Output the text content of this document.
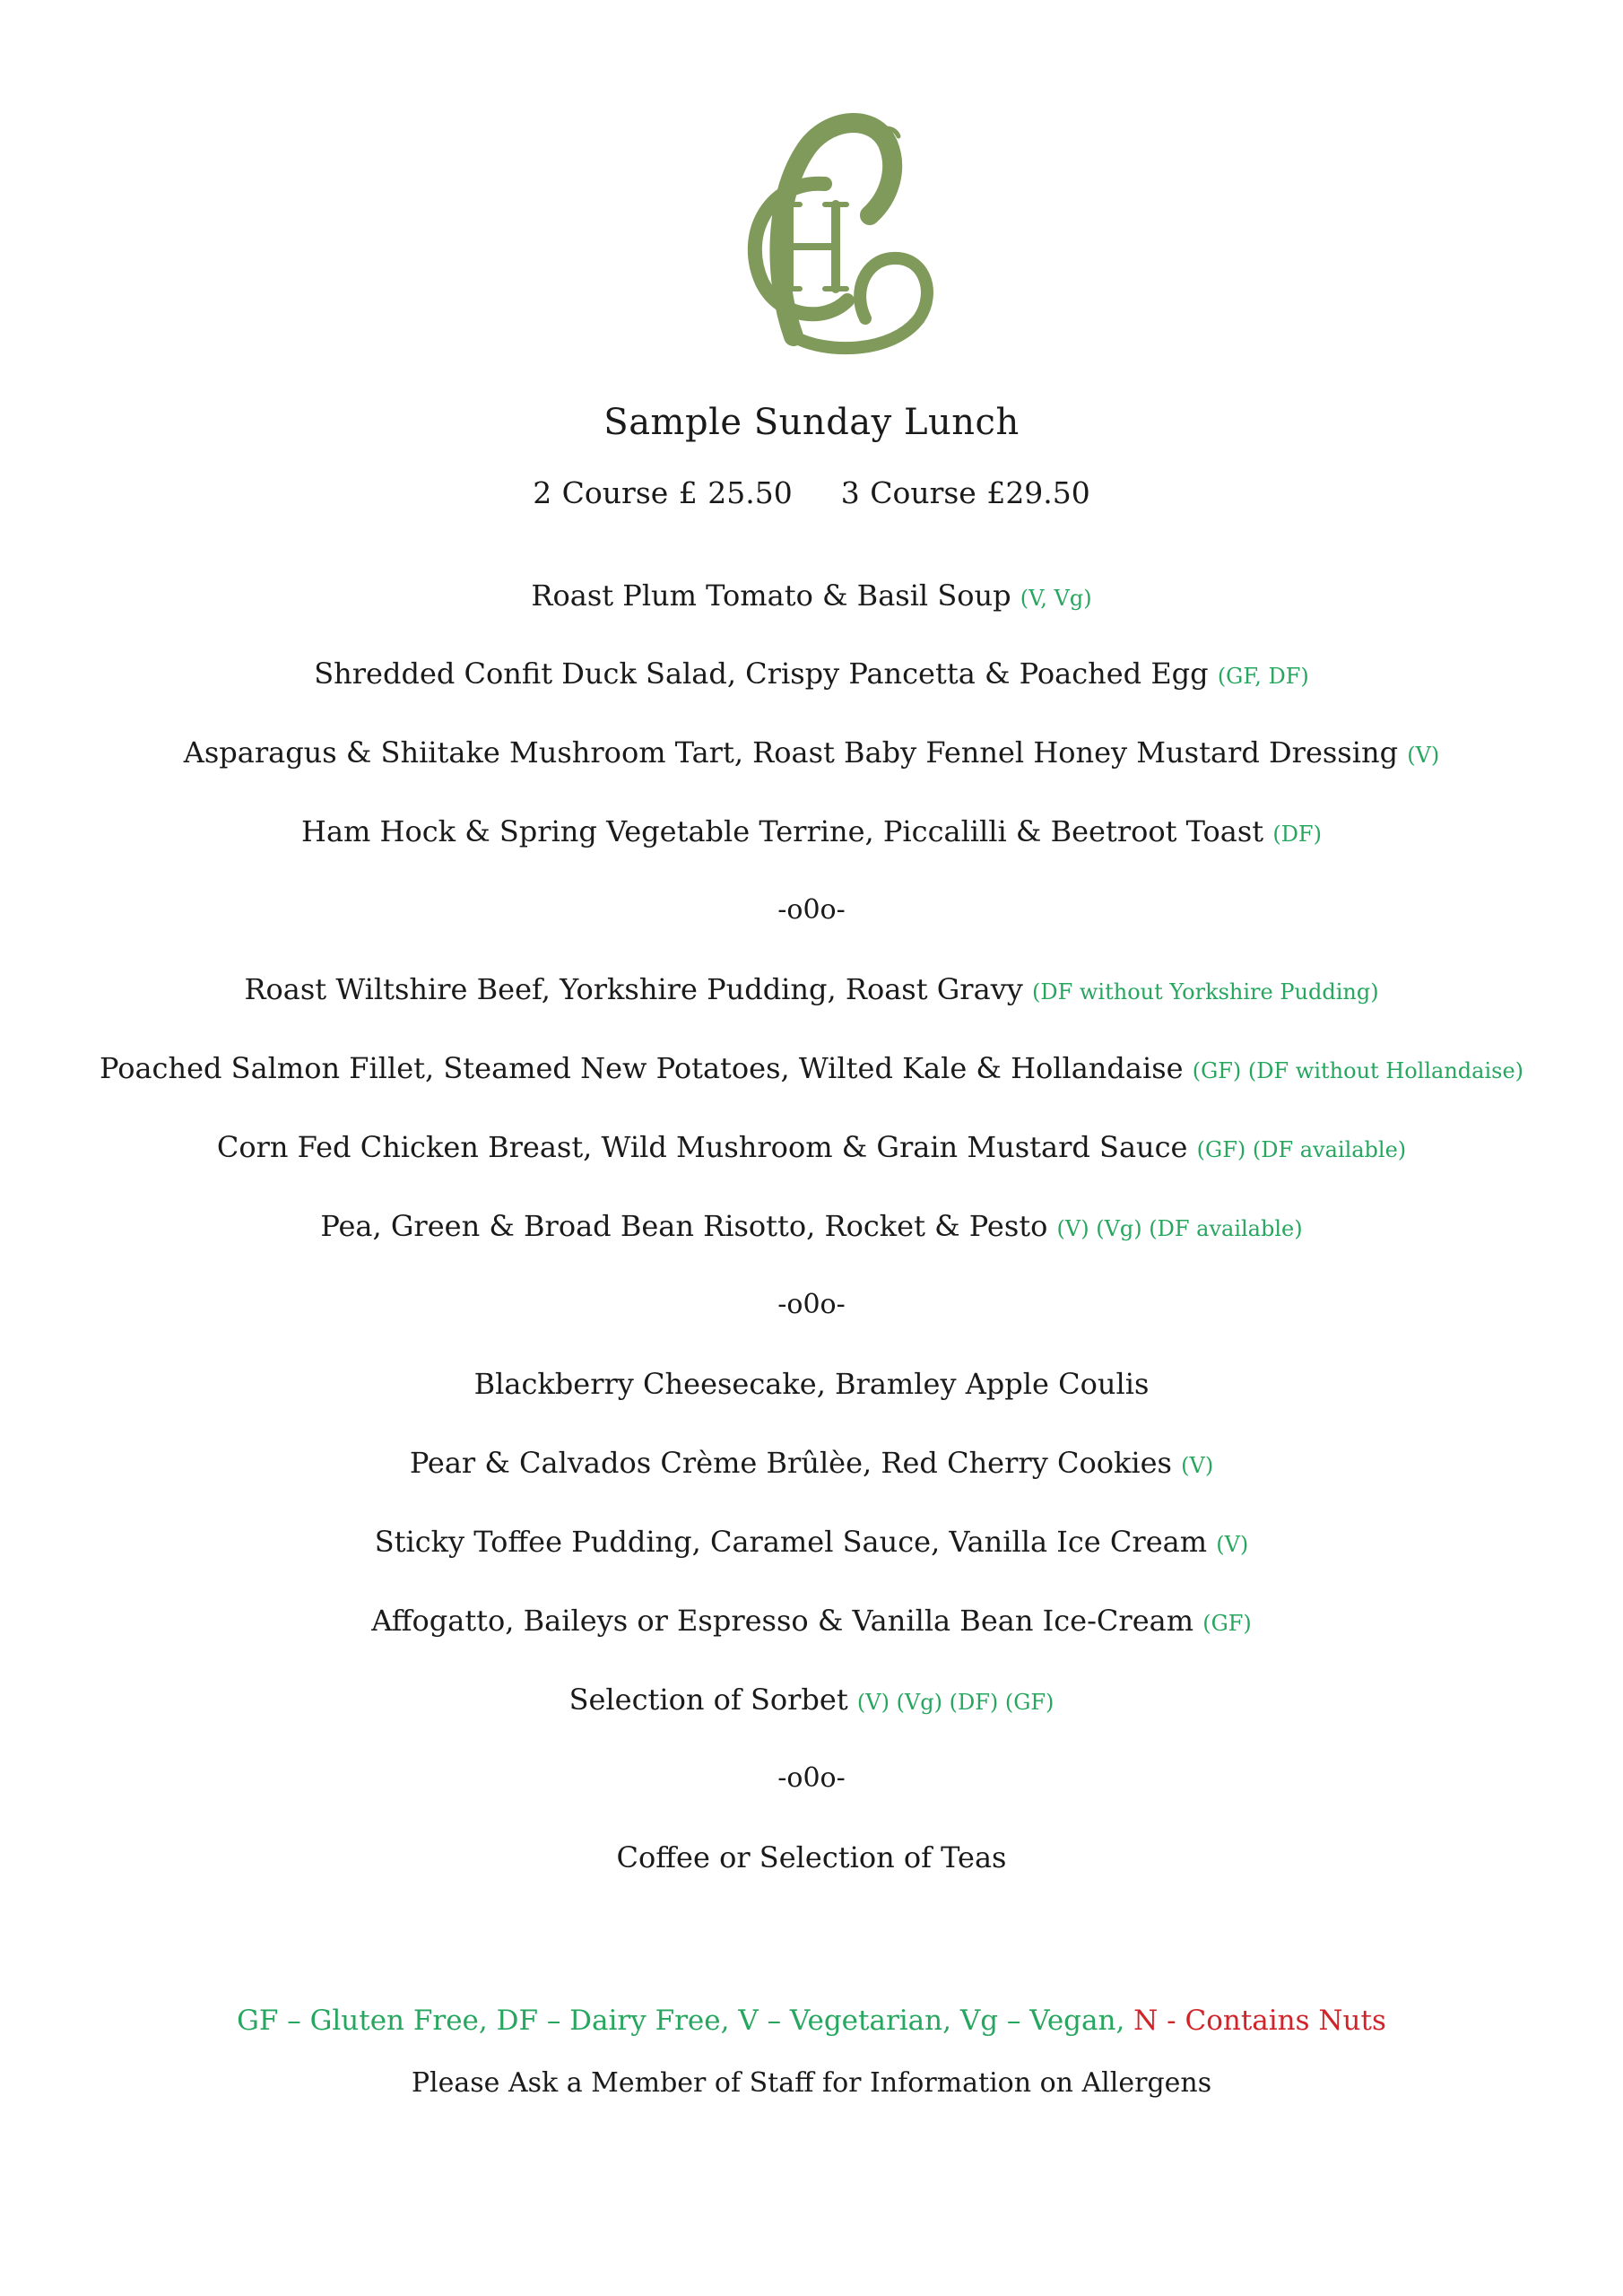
Sample Sunday Lunch
2 Course £ 25.50 3 Course £29.50
Roast Plum Tomato & Basil Soup (V, Vg)
Shredded Confit Duck Salad, Crispy Pancetta & Poached Egg (GF, DF)
Asparagus & Shiitake Mushroom Tart, Roast Baby Fennel Honey Mustard Dressing (V)
Ham Hock & Spring Vegetable Terrine, Piccalilli & Beetroot Toast (DF)
-o0o-
Roast Wiltshire Beef, Yorkshire Pudding, Roast Gravy (DF without Yorkshire Pudding)
Poached Salmon Fillet, Steamed New Potatoes, Wilted Kale & Hollandaise (GF) (DF without Hollandaise)
Corn Fed Chicken Breast, Wild Mushroom & Grain Mustard Sauce (GF) (DF available)
Pea, Green & Broad Bean Risotto, Rocket & Pesto (V) (Vg) (DF available)
-o0o-
Blackberry Cheesecake, Bramley Apple Coulis
Pear & Calvados Crème Brûlèe, Red Cherry Cookies (V)
Sticky Toffee Pudding, Caramel Sauce, Vanilla Ice Cream (V)
Affogatto, Baileys or Espresso & Vanilla Bean Ice-Cream (GF)
Selection of Sorbet (V) (Vg) (DF) (GF)
-o0o-
Coffee or Selection of Teas
GF – Gluten Free, DF – Dairy Free, V – Vegetarian, Vg – Vegan, N - Contains Nuts
Please Ask a Member of Staff for Information on Allergens
